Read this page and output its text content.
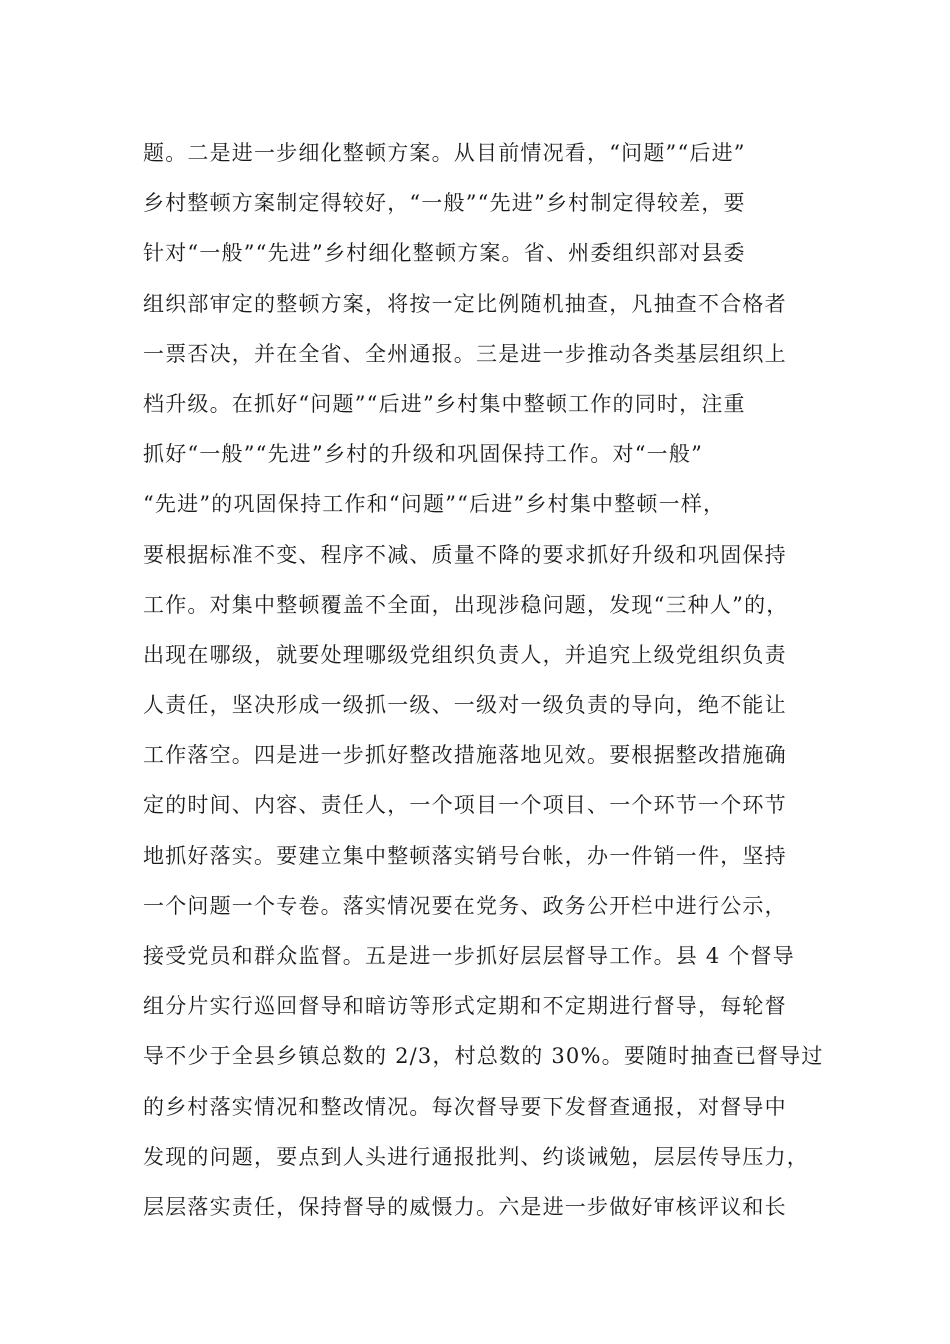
题。二是进一步细化整顿方案。从目前情况看，“问题”“后进”
乡村整顿方案制定得较好，“一般”“先进”乡村制定得较差，要
针对“一般”“先进”乡村细化整顿方案。省、州委组织部对县委
组织部审定的整顿方案，将按一定比例随机抽查，凡抽查不合格者
一票否决，并在全省、全州通报。三是进一步推动各类基层组织上
档升级。在抓好“问题”“后进”乡村集中整顿工作的同时，注重
抓好“一般”“先进”乡村的升级和巩固保持工作。对“一般”
“先进”的巩固保持工作和“问题”“后进”乡村集中整顿一样，
要根据标准不变、程序不减、质量不降的要求抓好升级和巩固保持
工作。对集中整顿覆盖不全面，出现涉稳问题，发现“三种人”的，
出现在哪级，就要处理哪级党组织负责人，并追究上级党组织负责
人责任，坚决形成一级抓一级、一级对一级负责的导向，绝不能让
工作落空。四是进一步抓好整改措施落地见效。要根据整改措施确
定的时间、内容、责任人，一个项目一个项目、一个环节一个环节
地抓好落实。要建立集中整顿落实销号台帐，办一件销一件，坚持
一个问题一个专卷。落实情况要在党务、政务公开栏中进行公示，
接受党员和群众监督。五是进一步抓好层层督导工作。县 4 个督导
组分片实行巡回督导和暗访等形式定期和不定期进行督导，每轮督
导不少于全县乡镇总数的 2/3，村总数的 30%。要随时抽查已督导过
的乡村落实情况和整改情况。每次督导要下发督查通报，对督导中
发现的问题，要点到人头进行通报批判、约谈诫勉，层层传导压力，
层层落实责任，保持督导的威慑力。六是进一步做好审核评议和长
